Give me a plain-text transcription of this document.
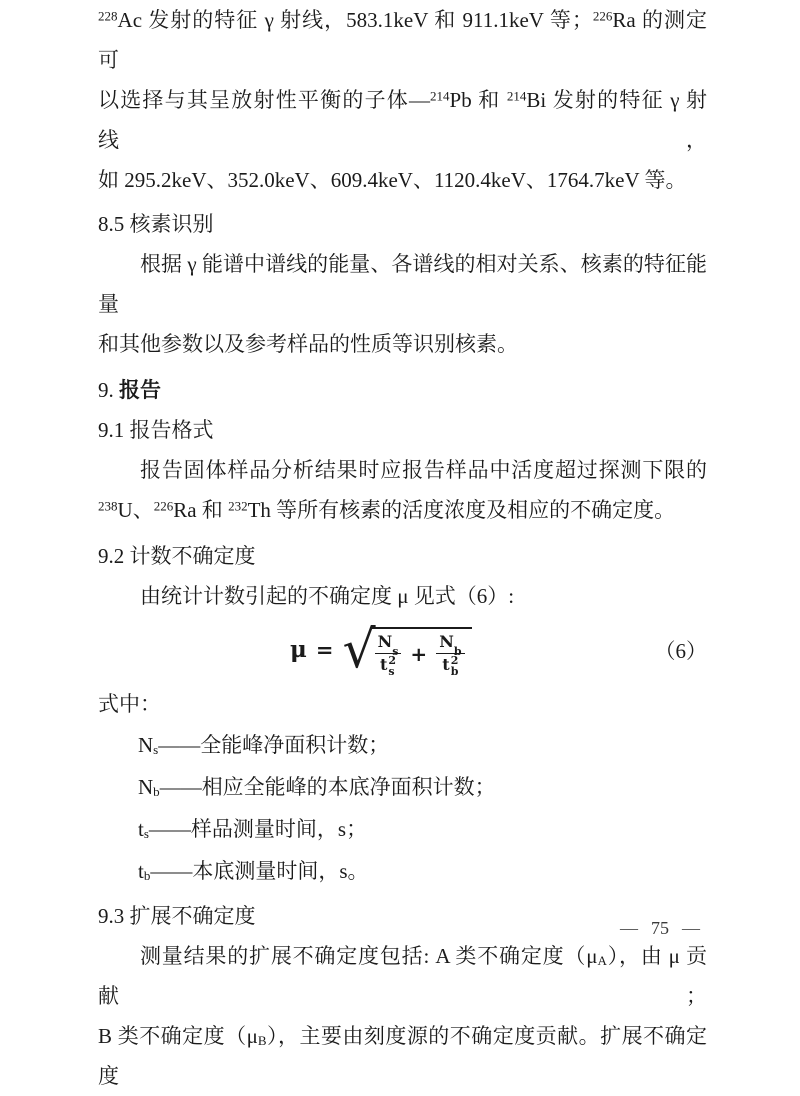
$^{228}$Ac 发射的特征 γ 射线，583.1keV 和 911.1keV 等；$^{226}$Ra 的测定可
以选择与其呈放射性平衡的子体—$^{214}$Pb 和 $^{214}$Bi 发射的特征 γ 射线，
如 295.2keV、352.0keV、609.4keV、1120.4keV、1764.7keV 等。
8.5 核素识别
根据 γ 能谱中谱线的能量、各谱线的相对关系、核素的特征能量
和其他参数以及参考样品的性质等识别核素。
9. 报告
9.1 报告格式
报告固体样品分析结果时应报告样品中活度超过探测下限的
$^{238}$U、$^{226}$Ra 和 $^{232}$Th 等所有核素的活度浓度及相应的不确定度。
9.2 计数不确定度
由统计计数引起的不确定度 μ 见式（6）:
μ = √ N s
t 2
s + N b
t 2
b	（6）
式中：
$N_s——$全能峰净面积计数；
$N_b——$相应全能峰的本底净面积计数；
$t_s——$样品测量时间，s；
$t_b——$本底测量时间，s。
9.3 扩展不确定度
测量结果的扩展不确定度包括: A 类不确定度$(\mu_A)$，由 μ 贡献；
B 类不确定度$(\mu_B)$，主要由刻度源的不确定度贡献。扩展不确定度
— 75 —
